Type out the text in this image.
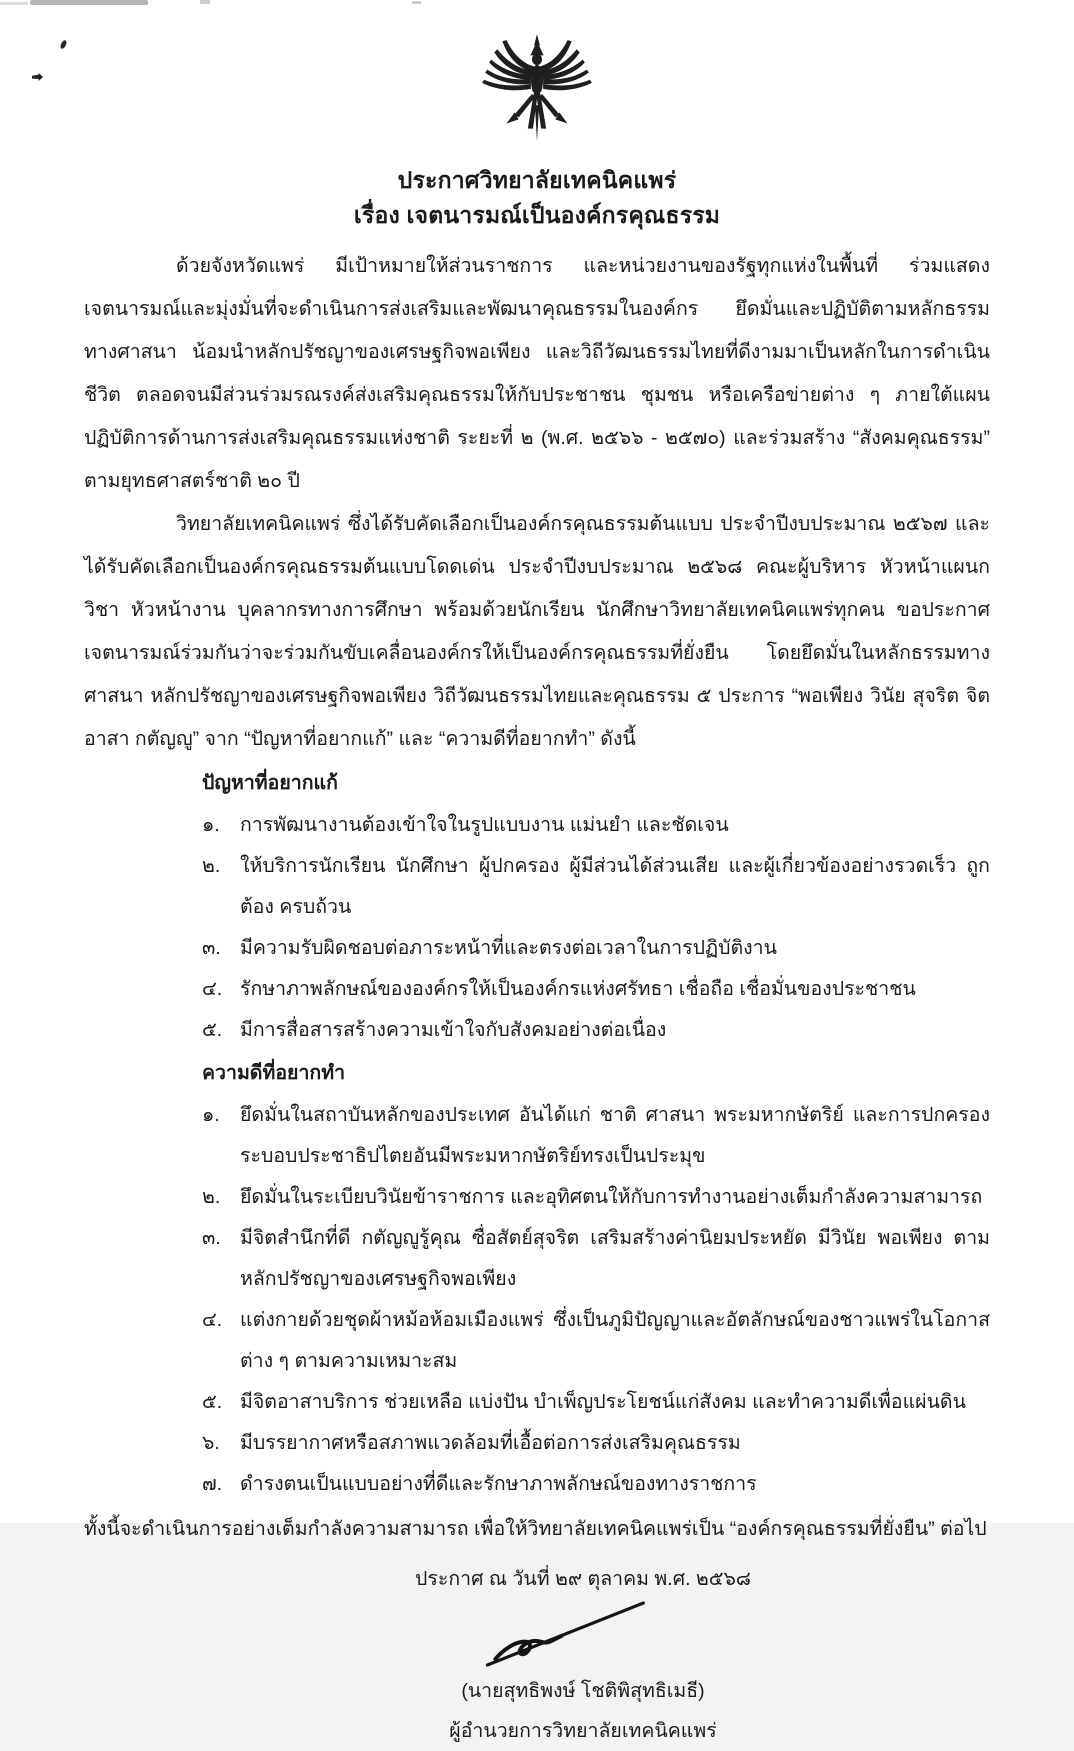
ประกาศวิทยาลัยเทคนิคแพร่
เรื่อง เจตนารมณ์เป็นองค์กรคุณธรรม

ด้วยจังหวัดแพร่ มีเป้าหมายให้ส่วนราชการ และหน่วยงานของรัฐทุกแห่งในพื้นที่ ร่วมแสดงเจตนารมณ์และมุ่งมั่นที่จะดำเนินการส่งเสริมและพัฒนาคุณธรรมในองค์กร ยึดมั่นและปฏิบัติตามหลักธรรมทางศาสนา น้อมนำหลักปรัชญาของเศรษฐกิจพอเพียง และวิถีวัฒนธรรมไทยที่ดีงามมาเป็นหลักในการดำเนินชีวิต ตลอดจนมีส่วนร่วมรณรงค์ส่งเสริมคุณธรรมให้กับประชาชน ชุมชน หรือเครือข่ายต่าง ๆ ภายใต้แผนปฏิบัติการด้านการส่งเสริมคุณธรรมแห่งชาติ ระยะที่ ๒ (พ.ศ. ๒๕๖๖ - ๒๕๗๐) และร่วมสร้าง “สังคมคุณธรรม” ตามยุทธศาสตร์ชาติ ๒๐ ปี

วิทยาลัยเทคนิคแพร่ ซึ่งได้รับคัดเลือกเป็นองค์กรคุณธรรมต้นแบบ ประจำปีงบประมาณ ๒๕๖๗ และได้รับคัดเลือกเป็นองค์กรคุณธรรมต้นแบบโดดเด่น ประจำปีงบประมาณ ๒๕๖๘ คณะผู้บริหาร หัวหน้าแผนกวิชา หัวหน้างาน บุคลากรทางการศึกษา พร้อมด้วยนักเรียน นักศึกษาวิทยาลัยเทคนิคแพร่ทุกคน ขอประกาศเจตนารมณ์ร่วมกันว่าจะร่วมกันขับเคลื่อนองค์กรให้เป็นองค์กรคุณธรรมที่ยั่งยืน โดยยึดมั่นในหลักธรรมทางศาสนา หลักปรัชญาของเศรษฐกิจพอเพียง วิถีวัฒนธรรมไทยและคุณธรรม ๕ ประการ “พอเพียง วินัย สุจริต จิตอาสา กตัญญู” จาก “ปัญหาที่อยากแก้” และ “ความดีที่อยากทำ” ดังนี้

ปัญหาที่อยากแก้
๑.	การพัฒนางานต้องเข้าใจในรูปแบบงาน แม่นยำ และชัดเจน
๒.	ให้บริการนักเรียน นักศึกษา ผู้ปกครอง ผู้มีส่วนได้ส่วนเสีย และผู้เกี่ยวข้องอย่างรวดเร็ว ถูกต้อง ครบถ้วน
๓. มีความรับผิดชอบต่อภาระหน้าที่และตรงต่อเวลาในการปฏิบัติงาน
๔. รักษาภาพลักษณ์ขององค์กรให้เป็นองค์กรแห่งศรัทธา เชื่อถือ เชื่อมั่นของประชาชน
๕. มีการสื่อสารสร้างความเข้าใจกับสังคมอย่างต่อเนื่อง
ความดีที่อยากทำ
๑.	ยึดมั่นในสถาบันหลักของประเทศ อันได้แก่ ชาติ ศาสนา พระมหากษัตริย์ และการปกครองระบอบประชาธิปไตยอันมีพระมหากษัตริย์ทรงเป็นประมุข
๒.	ยึดมั่นในระเบียบวินัยข้าราชการ และอุทิศตนให้กับการทำงานอย่างเต็มกำลังความสามารถ
๓. มีจิตสำนึกที่ดี กตัญญูรู้คุณ ซื่อสัตย์สุจริต เสริมสร้างค่านิยมประหยัด มีวินัย พอเพียง ตามหลักปรัชญาของเศรษฐกิจพอเพียง
๔. แต่งกายด้วยชุดผ้าหม้อห้อมเมืองแพร่ ซึ่งเป็นภูมิปัญญาและอัตลักษณ์ของชาวแพร่ในโอกาสต่าง ๆ ตามความเหมาะสม
๕. มีจิตอาสาบริการ ช่วยเหลือ แบ่งปัน บำเพ็ญประโยชน์แก่สังคม และทำความดีเพื่อแผ่นดิน
๖.	มีบรรยากาศหรือสภาพแวดล้อมที่เอื้อต่อการส่งเสริมคุณธรรม
๗. ดำรงตนเป็นแบบอย่างที่ดีและรักษาภาพลักษณ์ของทางราชการ

ทั้งนี้จะดำเนินการอย่างเต็มกำลังความสามารถ เพื่อให้วิทยาลัยเทคนิคแพร่เป็น “องค์กรคุณธรรมที่ยั่งยืน” ต่อไป

ประกาศ ณ วันที่ ๒๙ ตุลาคม พ.ศ. ๒๕๖๘
(นายสุทธิพงษ์ โชติพิสุทธิเมธี)
ผู้อำนวยการวิทยาลัยเทคนิคแพร่
